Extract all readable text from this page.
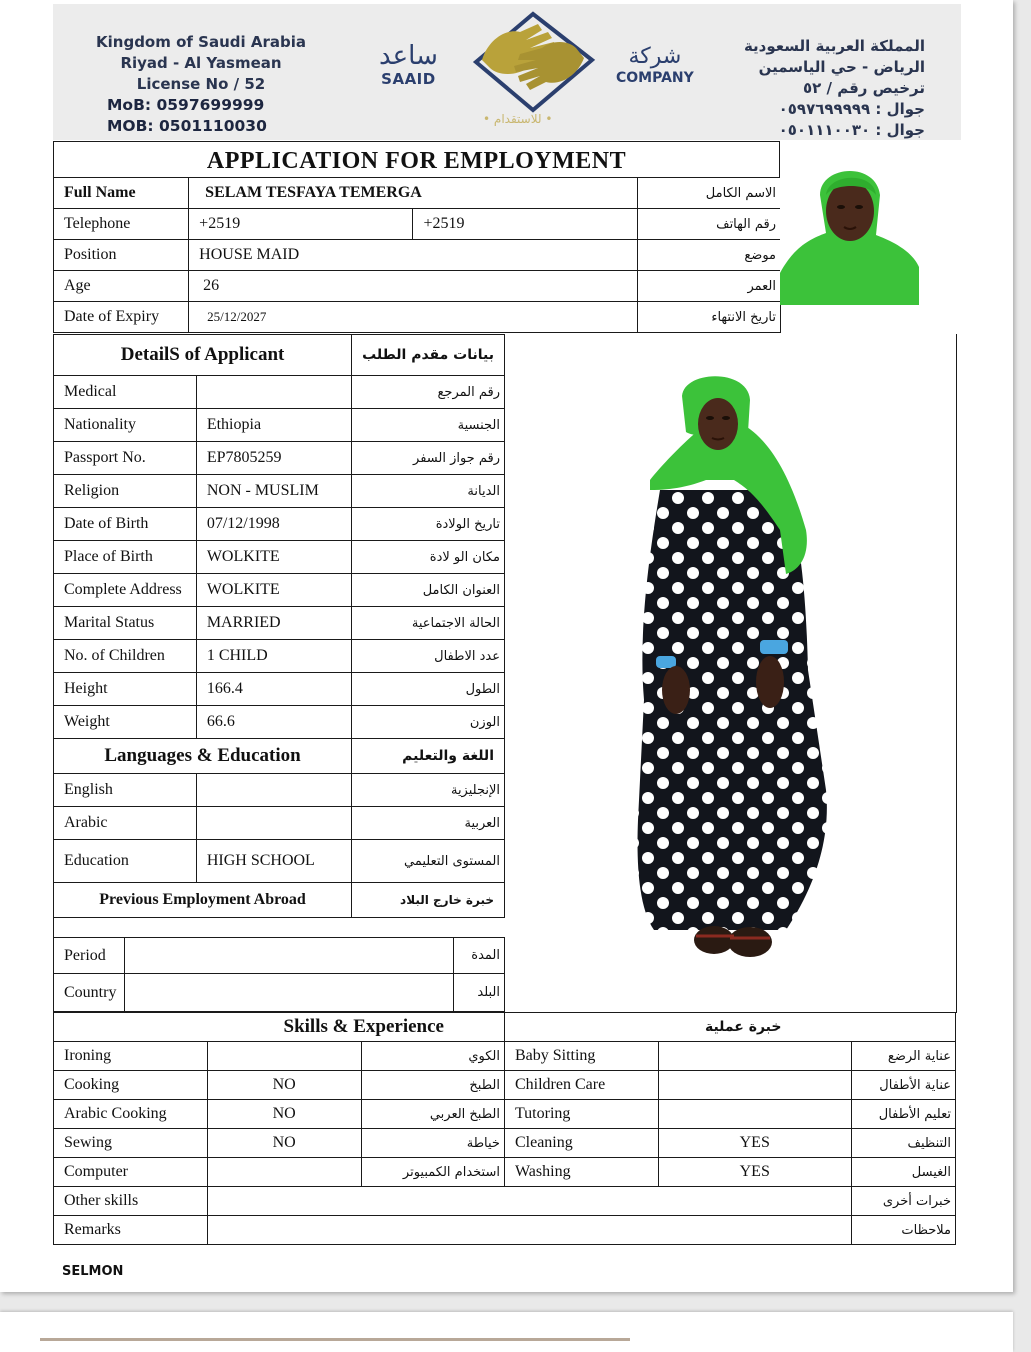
Kingdom of Saudi Arabia
Riyad - Al Yasmean
License No / 52
MoB: 0597699999
MOB: 0501110030
ساعد
SAAID
• للاستقدام •
شركة
COMPANY
المملكة العربية السعودية
الرياض - حي الياسمين
ترخيص رقم / ٥٢
جوال : ٠٥٩٧٦٩٩٩٩٩
جوال : ٠٥٠١١١٠٠٣٠
APPLICATION FOR EMPLOYMENT
Full Name	SELAM TESFAYA TEMERGA		الاسم الكامل
Telephone	+2519	+2519	رقم الهاتف
Position	HOUSE MAID		موضع
Age	26		العمر
Date of Expiry	25/12/2027		تاريخ الانتهاء
DetailS of Applicant		بيانات مقدم الطلب
Medical		رقم المرجع
Nationality	Ethiopia	الجنسية
Passport No.	EP7805259	رقم جواز السفر
Religion	NON - MUSLIM	الديانة
Date of Birth	07/12/1998	تاريخ الولادة
Place of Birth	WOLKITE	مكان الو لادة
Complete Address	WOLKITE	العنوان الكامل
Marital Status	MARRIED	الحالة الاجتماعية
No. of Children	1 CHILD	عدد الاطفال
Height	166.4	الطول
Weight	66.6	الوزن
Languages & Education		اللغة والتعليم
English		الإنجليزية
Arabic		العربية
Education	HIGH SCHOOL	المستوى التعليمي
Previous Employment Abroad		خبرة خارج البلاد
Period		المدة
Country		البلد
Skills & Experience			خبرة عملية		
Ironing		الكوي	Baby Sitting		عناية الرضع
Cooking	NO	الطبخ	Children Care		عناية الأطفال
Arabic Cooking	NO	الطبخ العربي	Tutoring		تعليم الأطفال
Sewing	NO	خياطة	Cleaning	YES	التنظيف
Computer		استخدام الكمبيوتر	Washing	YES	الغيسل
Other skills					خبرات أخرى
Remarks					ملاحظات
SELMON
